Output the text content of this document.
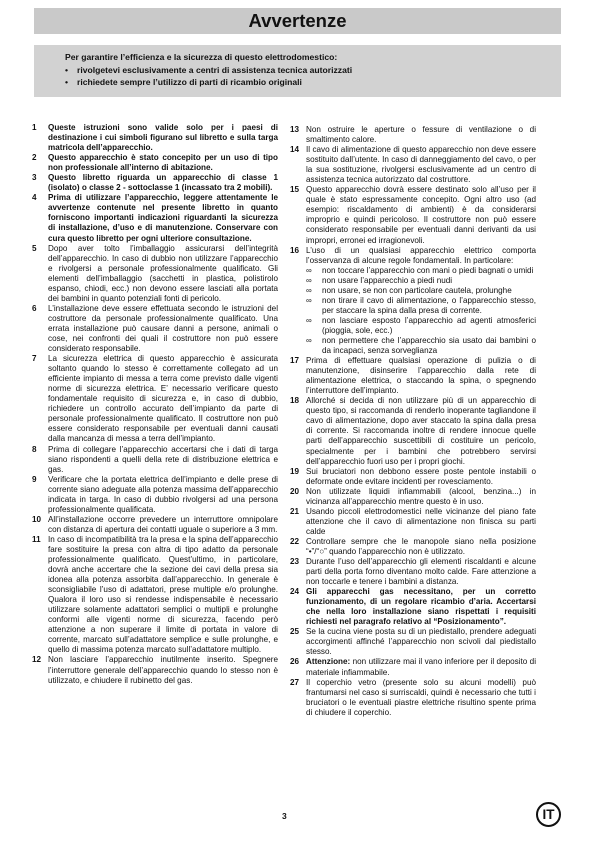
Avvertenze
Per garantire l’efficienza e la sicurezza di questo elettrodomestico:
• rivolgetevi esclusivamente a centri di assistenza tecnica autorizzati
• richiedete sempre l’utilizzo di parti di ricambio originali
1	Queste istruzioni sono valide solo per i paesi di destinazione i cui simboli figurano sul libretto e sulla targa matricola dell’apparecchio.
2	Questo apparecchio è stato concepito per un uso di tipo non professionale all’interno di abitazione.
3	Questo libretto riguarda un apparecchio di classe 1 (isolato) o classe 2 - sottoclasse 1 (incassato tra 2 mobili).
4	Prima di utilizzare l’apparecchio, leggere attentamente le avvertenze contenute nel presente libretto in quanto forniscono importanti indicazioni riguardanti la sicurezza di installazione, d’uso e di manutenzione. Conservare con cura questo libretto per ogni ulteriore consultazione.
5	Dopo aver tolto l’imballaggio assicurarsi dell’integrità dell’apparecchio. In caso di dubbio non utilizzare l’apparecchio e rivolgersi a personale professionalmente qualificato. Gli elementi dell’imballaggio (sacchetti in plastica, polistirolo espanso, chiodi, ecc.) non devono essere lasciati alla portata dei bambini in quanto potenziali fonti di pericolo.
6	L’installazione deve essere effettuata secondo le istruzioni del costruttore da personale professionalmente qualificato. Una errata installazione può causare danni a persone, animali o cose, nei confronti dei quali il costruttore non può essere considerato responsabile.
7	La sicurezza elettrica di questo apparecchio è assicurata soltanto quando lo stesso è correttamente collegato ad un efficiente impianto di messa a terra come previsto dalle vigenti norme di sicurezza elettrica. E’ necessario verificare questo fondamentale requisito di sicurezza e, in caso di dubbio, richiedere un controllo accurato dell’impianto da parte di personale professionalmente qualificato. Il costruttore non può essere considerato responsabile per eventuali danni causati dalla mancanza di messa a terra dell’impianto.
8	Prima di collegare l’apparecchio accertarsi che i dati di targa siano rispondenti a quelli della rete di distribuzione elettrica e gas.
9	Verificare che la portata elettrica dell’impianto e delle prese di corrente siano adeguate alla potenza massima dell’apparecchio indicata in targa. In caso di dubbio rivolgersi ad una persona professionalmente qualificata.
10 All’installazione occorre prevedere un interruttore omnipolare con distanza di apertura dei contatti uguale o superiore a 3 mm.
11 In caso di incompatibilità tra la presa e la spina dell’apparecchio fare sostituire la presa con altra di tipo adatto da personale professionalmente qualificato. Quest’ultimo, in particolare, dovrà anche accertare che la sezione dei cavi della presa sia idonea alla potenza assorbita dall’apparecchio. In generale è sconsigliabile l’uso di adattatori, prese multiple e/o prolunghe. Qualora il loro uso si rendesse indispensabile è necessario utilizzare solamente adattatori semplici o multipli e prolunghe conformi alle vigenti norme di sicurezza, facendo però attenzione a non superare il limite di portata in valore di corrente, marcato sull’adattatore semplice e sulle prolunghe, e quello di massima potenza marcato sull’adattatore multiplo.
12 Non lasciare l’apparecchio inutilmente inserito. Spegnere l’interruttore generale dell’apparecchio quando lo stesso non è utilizzato, e chiudere il rubinetto del gas.
13 Non ostruire le aperture o fessure di ventilazione o di smaltimento calore.
14 Il cavo di alimentazione di questo apparecchio non deve essere sostituito dall’utente. In caso di danneggiamento del cavo, o per la sua sostituzione, rivolgersi esclusivamente ad un centro di assistenza tecnica autorizzato dal costruttore.
15 Questo apparecchio dovrà essere destinato solo all’uso per il quale è stato espressamente concepito. Ogni altro uso (ad esempio: riscaldamento di ambienti) è da considerarsi improprio e quindi pericoloso. Il costruttore non può essere considerato responsabile per eventuali danni derivanti da usi impropri, erronei ed irragionevoli.
16 L’uso di un qualsiasi apparecchio elettrico comporta l’osservanza di alcune regole fondamentali. In particolare:
∞	non toccare l’apparecchio con mani o piedi bagnati o umidi
∞	non usare l’apparecchio a piedi nudi
∞	non usare, se non con particolare cautela, prolunghe
∞	non tirare il cavo di alimentazione, o l’apparecchio stesso, per staccare la spina dalla presa di corrente.
∞	non lasciare esposto l’apparecchio ad agenti atmosferici (pioggia, sole, ecc.)
∞	non permettere che l’apparecchio sia usato dai bambini o da incapaci, senza sorveglianza
17 Prima di effettuare qualsiasi operazione di pulizia o di manutenzione, disinserire l’apparecchio dalla rete di alimentazione elettrica, o staccando la spina, o spegnendo l’interruttore dell’impianto.
18 Allorché si decida di non utilizzare più di un apparecchio di questo tipo, si raccomanda di renderlo inoperante tagliandone il cavo di alimentazione, dopo aver staccato la spina dalla presa di corrente. Si raccomanda inoltre di rendere innocue quelle parti dell’apparecchio suscettibili di costituire un pericolo, specialmente per i bambini che potrebbero servirsi dell’apparecchio fuori uso per i propri giochi.
19 Sui bruciatori non debbono essere poste pentole instabili o deformate onde evitare incidenti per rovesciamento.
20 Non utilizzate liquidi infiammabili (alcool, benzina...) in vicinanza all’apparecchio mentre questo è in uso.
21 Usando piccoli elettrodomestici nelle vicinanze del piano fate attenzione che il cavo di alimentazione non finisca su parti calde
22 Controllare sempre che le manopole siano nella posizione “•”/“○” quando l’apparecchio non è utilizzato.
23 Durante l’uso dell’apparecchio gli elementi riscaldanti e alcune parti della porta forno diventano molto calde. Fare attenzione a non toccarle e tenere i bambini a distanza.
24 Gli apparecchi gas necessitano, per un corretto funzionamento, di un regolare ricambio d’aria. Accertarsi che nella loro installazione siano rispettati i requisiti richiesti nel paragrafo relativo al “Posizionamento”.
25 Se la cucina viene posta su di un piedistallo, prendere adeguati accorgimenti affinché l’apparecchio non scivoli dal piedistallo stesso.
26 Attenzione: non utilizzare mai il vano inferiore per il deposito di materiale infiammabile.
27 Il coperchio vetro (presente solo su alcuni modelli) può frantumarsi nel caso si surriscaldi, quindi è necessario che tutti i bruciatori o le eventuali piastre elettriche risultino spente prima di chiudere il coperchio.
3	IT
